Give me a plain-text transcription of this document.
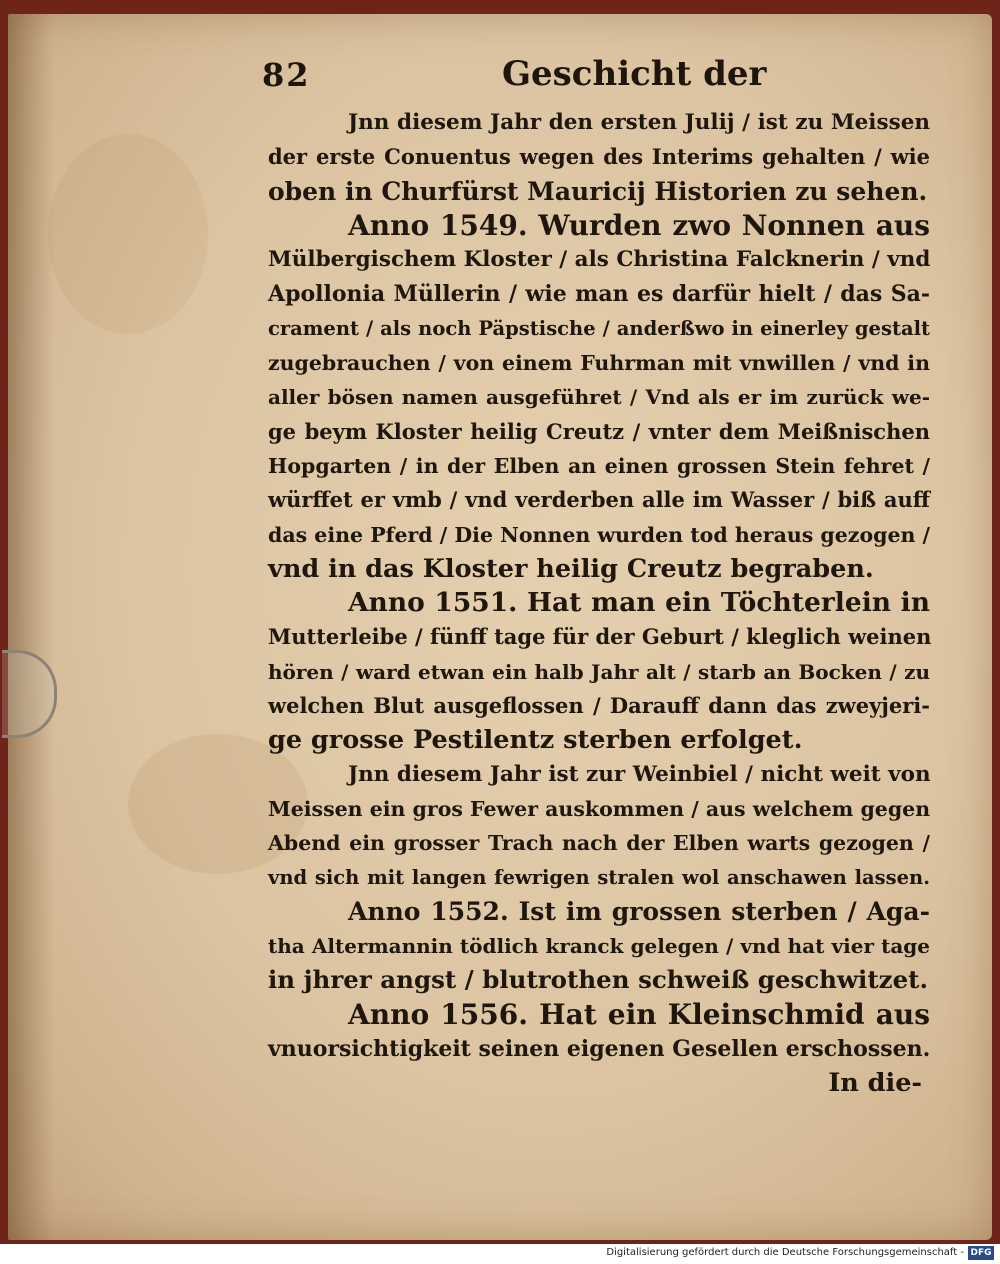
82	Geschicht der
Jnn diesem Jahr den ersten Julij / ist zu Meissen
der erste Conuentus wegen des Interims gehalten / wie
oben in Churfürst Mauricij Historien zu sehen.
Anno 1549. Wurden zwo Nonnen aus
Mülbergischem Kloster / als Christina Falcknerin / vnd
Apollonia Müllerin / wie man es darfür hielt / das Sa-
crament / als noch Päpstische / anderßwo in einerley gestalt
zugebrauchen / von einem Fuhrman mit vnwillen / vnd in
aller bösen namen ausgeführet / Vnd als er im zurück we-
ge beym Kloster heilig Creutz / vnter dem Meißnischen
Hopgarten / in der Elben an einen grossen Stein fehret /
würffet er vmb / vnd verderben alle im Wasser / biß auff
das eine Pferd / Die Nonnen wurden tod heraus gezogen /
vnd in das Kloster heilig Creutz begraben.
Anno 1551. Hat man ein Töchterlein in
Mutterleibe / fünff tage für der Geburt / kleglich weinen
hören / ward etwan ein halb Jahr alt / starb an Bocken / zu
welchen Blut ausgeflossen / Darauff dann das zweyjeri-
ge grosse Pestilentz sterben erfolget.
Jnn diesem Jahr ist zur Weinbiel / nicht weit von
Meissen ein gros Fewer auskommen / aus welchem gegen
Abend ein grosser Trach nach der Elben warts gezogen /
vnd sich mit langen fewrigen stralen wol anschawen lassen.
Anno 1552. Ist im grossen sterben / Aga-
tha Altermannin tödlich kranck gelegen / vnd hat vier tage
in jhrer angst / blutrothen schweiß geschwitzet.
Anno 1556. Hat ein Kleinschmid aus
vnuorsichtigkeit seinen eigenen Gesellen erschossen.
In die-
Digitalisierung gefördert durch die Deutsche Forschungsgemeinschaft - DFG
